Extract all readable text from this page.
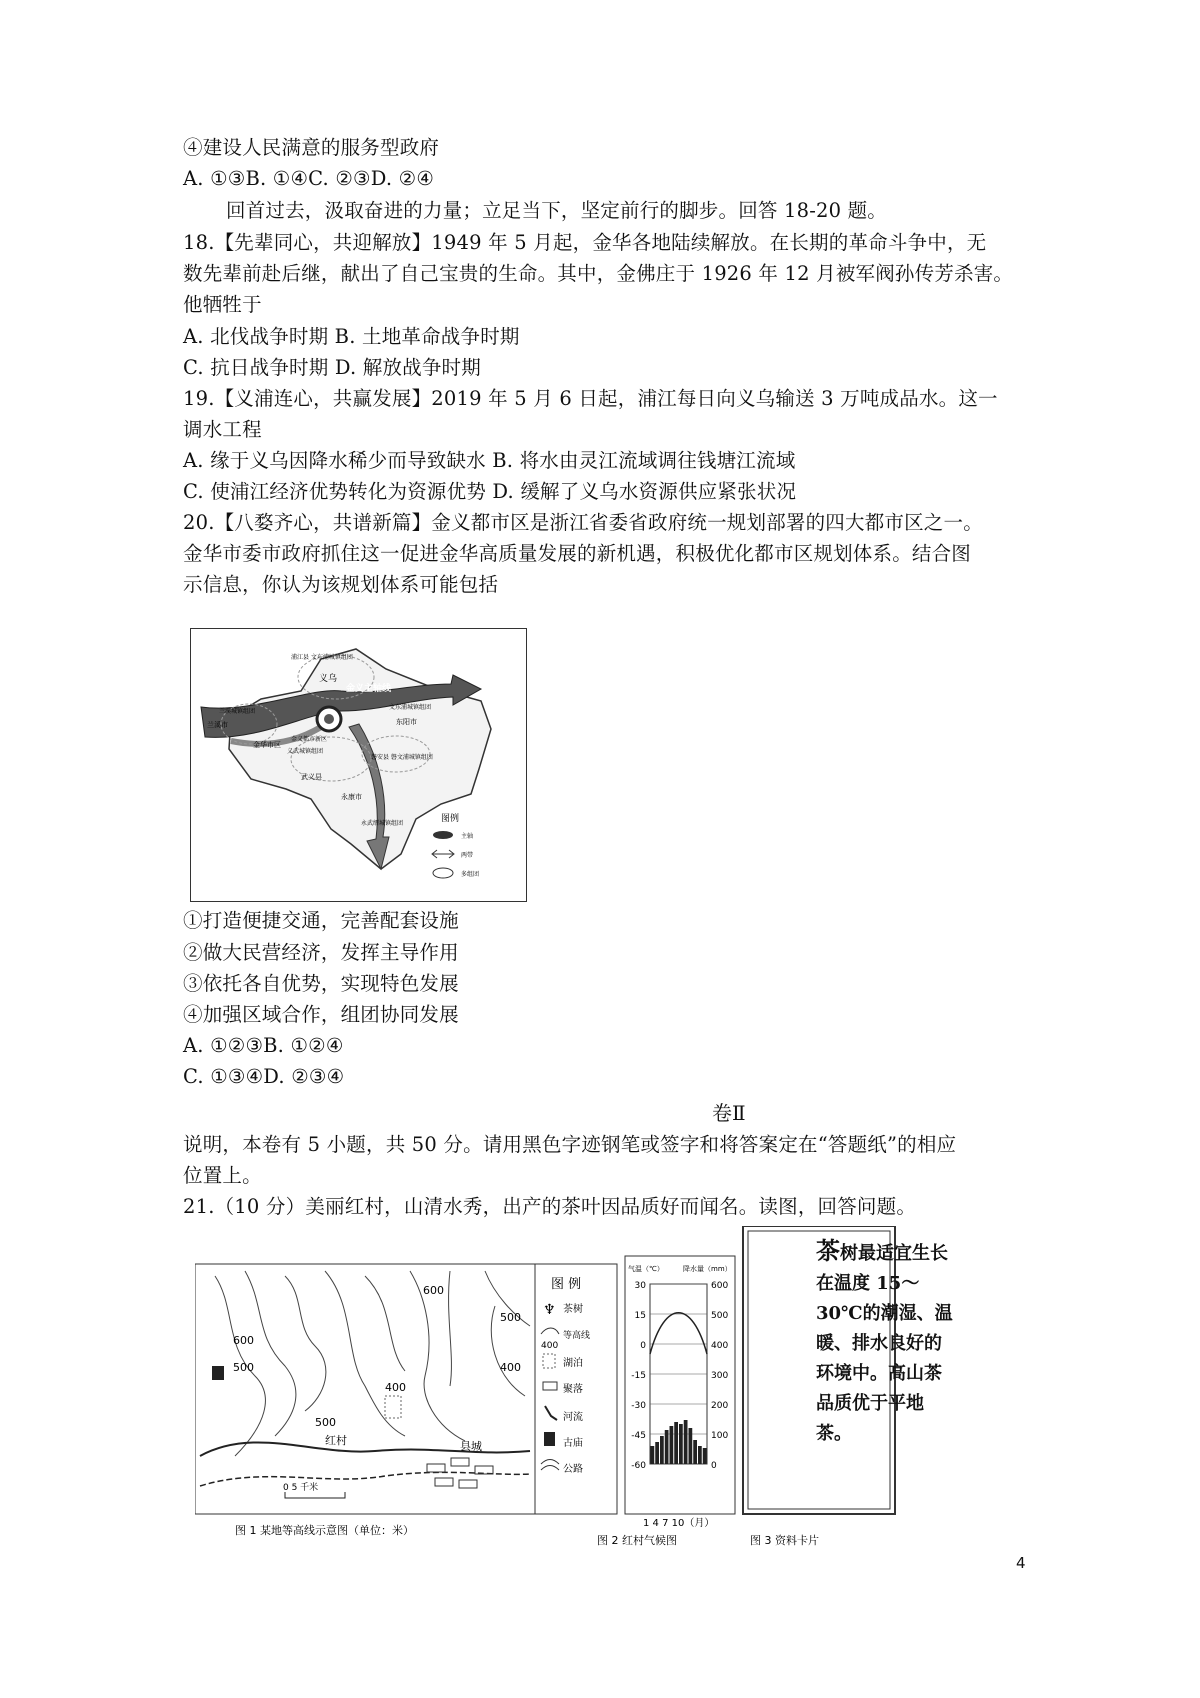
④建设人民满意的服务型政府
A. ①③B. ①④C. ②③D. ②④
回首过去，汲取奋进的力量；立足当下，坚定前行的脚步。回答 18-20 题。
18.【先辈同心，共迎解放】1949 年 5 月起，金华各地陆续解放。在长期的革命斗争中，无
数先辈前赴后继，献出了自己宝贵的生命。其中，金佛庄于 1926 年 12 月被军阀孙传芳杀害。
他牺牲于
A. 北伐战争时期 B. 土地革命战争时期
C. 抗日战争时期 D. 解放战争时期
19.【义浦连心，共赢发展】2019 年 5 月 6 日起，浦江每日向义乌输送 3 万吨成品水。这一
调水工程
A. 缘于义乌因降水稀少而导致缺水 B. 将水由灵江流域调往钱塘江流域
C. 使浦江经济优势转化为资源优势 D. 缓解了义乌水资源供应紧张状况
20.【八婺齐心，共谱新篇】金义都市区是浙江省委省政府统一规划部署的四大都市区之一。
金华市委市政府抓住这一促进金华高质量发展的新机遇，积极优化都市区规划体系。结合图
示信息，你认为该规划体系可能包括
金义主轴线
义乌
兰溪市
金华市区
东阳市
武义县
永康市
浦江县 文东浦城镇组团
兰溪城镇组团
文东浦城镇组团
金义都市新区
义武城镇组团
磐安县 磐文浦城镇组团
永武缙城镇组团	图例
主轴
两带
多组团
①打造便捷交通，完善配套设施
②做大民营经济，发挥主导作用
③依托各自优势，实现特色发展
④加强区域合作，组团协同发展
A. ①②③B. ①②④
C. ①③④D. ②③④
卷Ⅱ
说明，本卷有 5 小题，共 50 分。请用黑色字迹钢笔或签字和将答案定在“答题纸”的相应
位置上。
21.（10 分）美丽红村，山清水秀，出产的茶叶因品质好而闻名。读图，回答问题。
600
500
500
400
600
400
500
红村	县城
0 5 千米
图 1 某地等高线示意图（单位：米）
图 例
♆ 茶树
400
等高线
湖泊
聚落
河流
古庙
公路
气温（℃）	降水量（mm）
30
15
0
-15
-30
-45
-60
600
500
400
300
200
100
0
1 4 7 10（月）
图 2 红村气候图	图 3 资料卡片
茶树最适宜生长在温度 15～30℃的潮湿、温暖、排水良好的环境中。高山茶品质优于平地茶。
4
